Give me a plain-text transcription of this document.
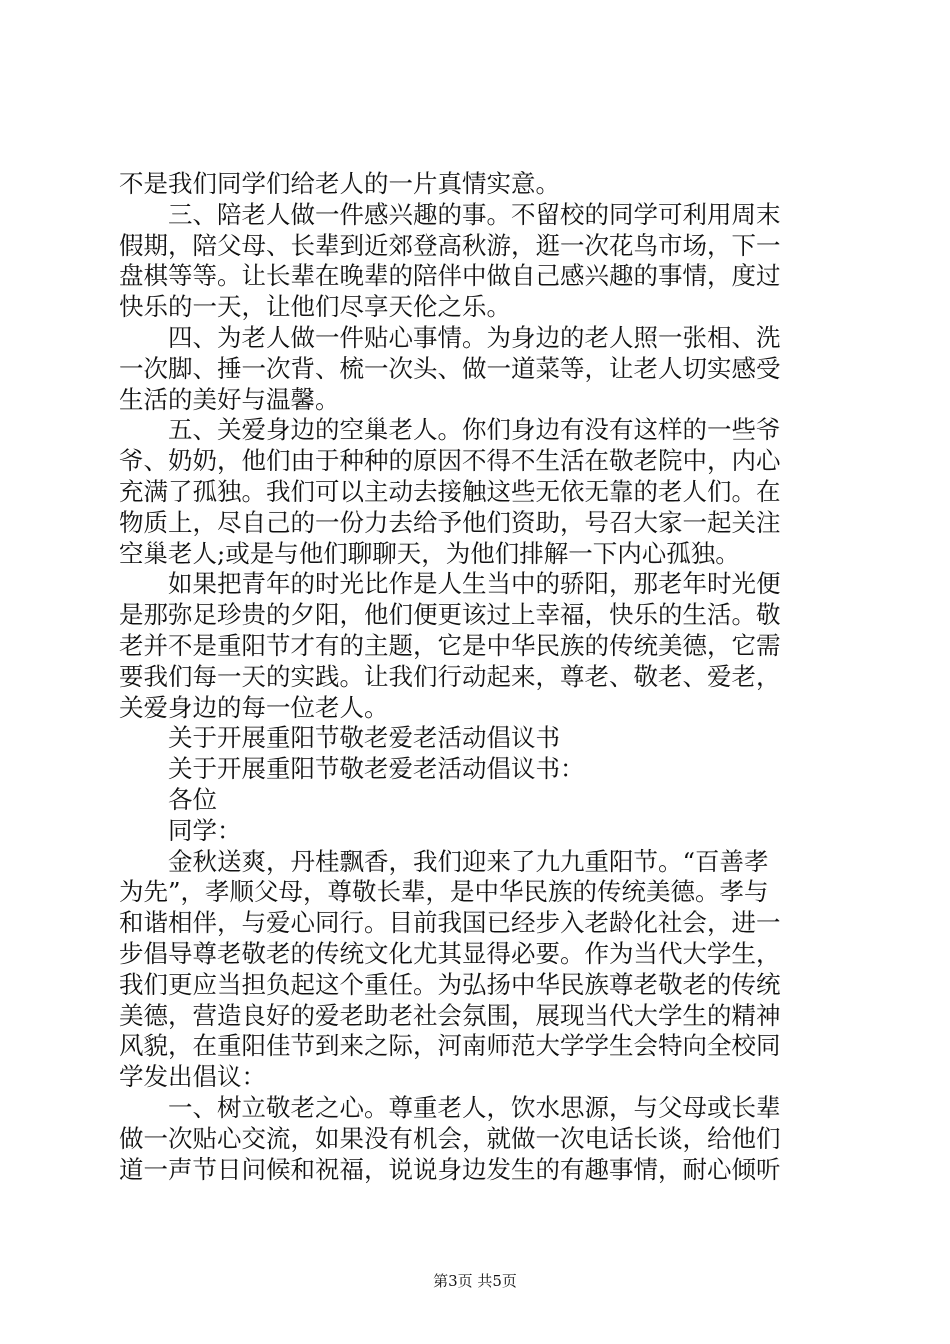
不是我们同学们给老人的一片真情实意。
　　三、陪老人做一件感兴趣的事。不留校的同学可利用周末
假期，陪父母、长辈到近郊登高秋游，逛一次花鸟市场，下一
盘棋等等。让长辈在晚辈的陪伴中做自己感兴趣的事情，度过
快乐的一天，让他们尽享天伦之乐。
　　四、为老人做一件贴心事情。为身边的老人照一张相、洗
一次脚、捶一次背、梳一次头、做一道菜等，让老人切实感受
生活的美好与温馨。
　　五、关爱身边的空巢老人。你们身边有没有这样的一些爷
爷、奶奶，他们由于种种的原因不得不生活在敬老院中，内心
充满了孤独。我们可以主动去接触这些无依无靠的老人们。在
物质上，尽自己的一份力去给予他们资助，号召大家一起关注
空巢老人;或是与他们聊聊天，为他们排解一下内心孤独。
　　如果把青年的时光比作是人生当中的骄阳，那老年时光便
是那弥足珍贵的夕阳，他们便更该过上幸福，快乐的生活。敬
老并不是重阳节才有的主题，它是中华民族的传统美德，它需
要我们每一天的实践。让我们行动起来，尊老、敬老、爱老，
关爱身边的每一位老人。
　　关于开展重阳节敬老爱老活动倡议书
　　关于开展重阳节敬老爱老活动倡议书：
　　各位
　　同学：
　　金秋送爽，丹桂飘香，我们迎来了九九重阳节。“百善孝
为先”，孝顺父母，尊敬长辈，是中华民族的传统美德。孝与
和谐相伴，与爱心同行。目前我国已经步入老龄化社会，进一
步倡导尊老敬老的传统文化尤其显得必要。作为当代大学生，
我们更应当担负起这个重任。为弘扬中华民族尊老敬老的传统
美德，营造良好的爱老助老社会氛围，展现当代大学生的精神
风貌，在重阳佳节到来之际，河南师范大学学生会特向全校同
学发出倡议：
　　一、树立敬老之心。尊重老人，饮水思源，与父母或长辈
做一次贴心交流，如果没有机会，就做一次电话长谈，给他们
道一声节日问候和祝福，说说身边发生的有趣事情，耐心倾听
第3页 共5页
